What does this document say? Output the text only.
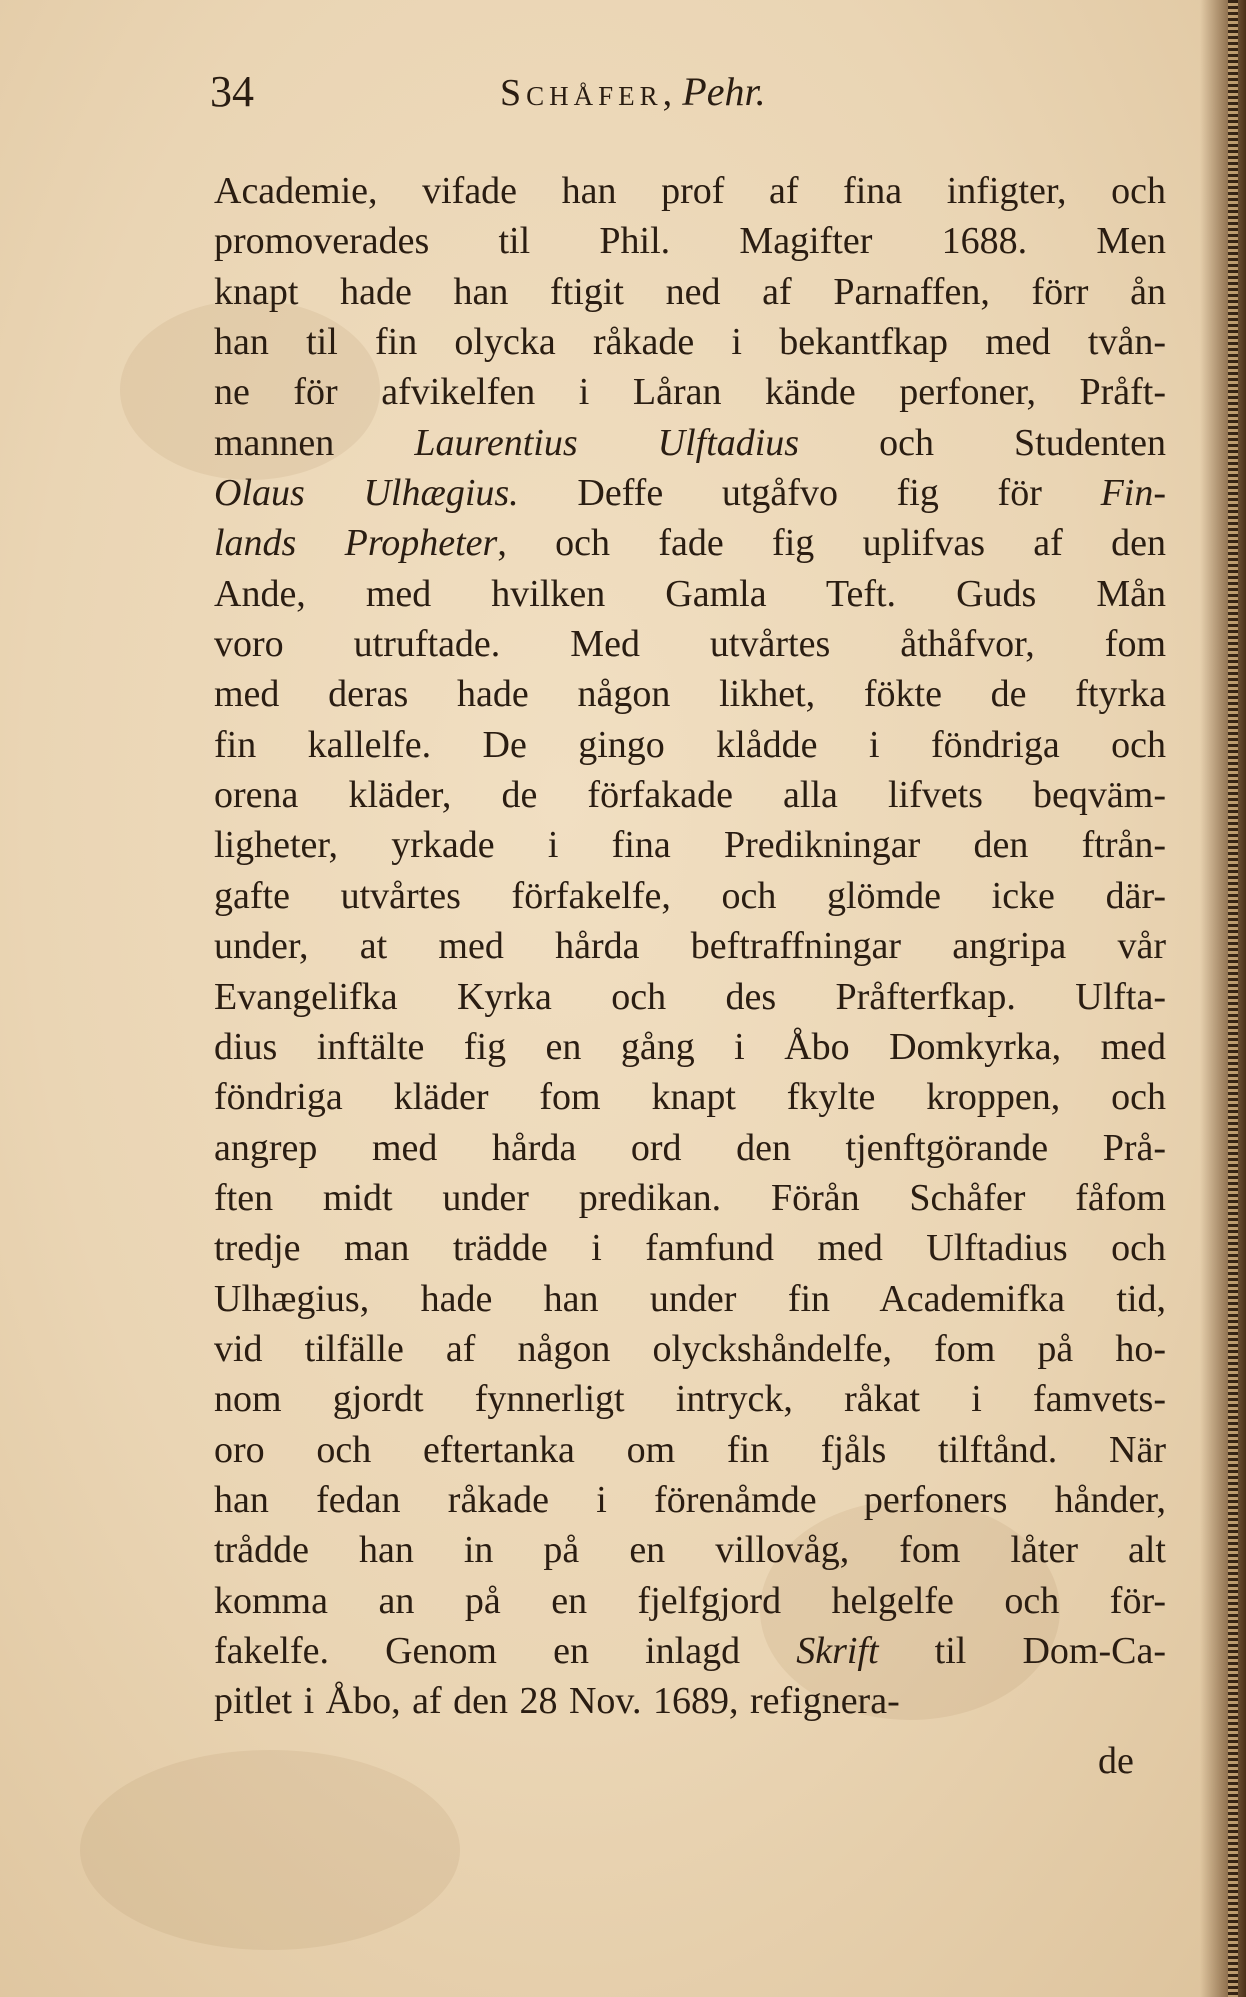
34	Schåfer, Pehr.
Academie, vifade han prof af fina infigter, och
promoverades til Phil. Magifter 1688. Men
knapt hade han ftigit ned af Parnaffen, förr ån
han til fin olycka råkade i bekantfkap med tvån-
ne för afvikelfen i Låran kände perfoner, Pråft-
mannen Laurentius Ulftadius och Studenten
Olaus Ulhægius. Deffe utgåfvo fig för Fin-
lands Propheter, och fade fig uplifvas af den
Ande, med hvilken Gamla Teft. Guds Mån
voro utruftade. Med utvårtes åthåfvor, fom
med deras hade någon likhet, fökte de ftyrka
fin kallelfe. De gingo klådde i föndriga och
orena kläder, de förfakade alla lifvets beqväm-
ligheter, yrkade i fina Predikningar den ftrån-
gafte utvårtes förfakelfe, och glömde icke där-
under, at med hårda beftraffningar angripa vår
Evangelifka Kyrka och des Pråfterfkap. Ulfta-
dius inftälte fig en gång i Åbo Domkyrka, med
föndriga kläder fom knapt fkylte kroppen, och
angrep med hårda ord den tjenftgörande Prå-
ften midt under predikan. Förån Schåfer fåfom
tredje man trädde i famfund med Ulftadius och
Ulhægius, hade han under fin Academifka tid,
vid tilfälle af någon olyckshåndelfe, fom på ho-
nom gjordt fynnerligt intryck, råkat i famvets-
oro och eftertanka om fin fjåls tilftånd. När
han fedan råkade i förenåmde perfoners hånder,
trådde han in på en villovåg, fom låter alt
komma an på en fjelfgjord helgelfe och för-
fakelfe. Genom en inlagd Skrift til Dom-Ca-
pitlet i Åbo, af den 28 Nov. 1689, refignera-
de
